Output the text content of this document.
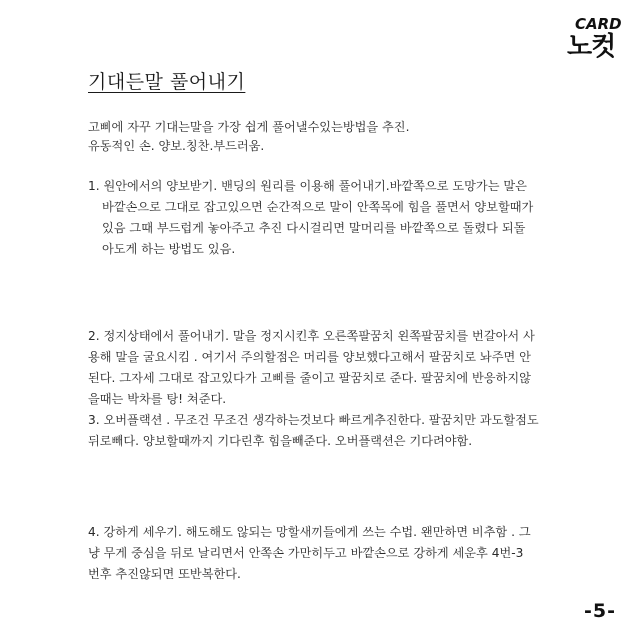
CARD
노컷
기대든말 풀어내기
고삐에 자꾸 기대는말을 가장 쉽게 풀어낼수있는방법을 추진.
유동적인 손. 양보.칭찬.부드러움.
1. 원안에서의 양보받기. 밴딩의 원리를 이용해 풀어내기.바깥쪽으로 도망가는 말은
바깥손으로 그대로 잡고있으면 순간적으로 말이 안쪽목에 힘을 풀면서 양보할때가
있음 그때 부드럽게 놓아주고 추진 다시걸리면 말머리를 바깥쪽으로 돌렸다 되돌
아도게 하는 방법도 있음.
2. 정지상태에서 풀어내기. 말을 정지시킨후 오른쪽팔꿈치 왼쪽팔꿈치를 번갈아서 사
용해 말을 굴요시킴 . 여기서 주의할점은 머리를 양보했다고해서 팔꿈치로 놔주면 안
된다. 그자세 그대로 잡고있다가 고삐를 줄이고 팔꿈치로 준다. 팔꿈치에 반응하지않
을때는 박차를 탕! 쳐준다.
3. 오버플랙션 . 무조건 무조건 생각하는것보다 빠르게추진한다. 팔꿈치만 과도할점도
뒤로빼다. 양보할때까지 기다린후 힘을빼준다. 오버플랙션은 기다려야함.
4. 강하게 세우기. 해도해도 않되는 망할새끼들에게 쓰는 수법. 왠만하면 비추함 . 그
냥 무게 중심을 뒤로 날리면서 안쪽손 가만히두고 바깥손으로 강하게 세운후 4번-3
번후 추진않되면 또반복한다.
-5-
